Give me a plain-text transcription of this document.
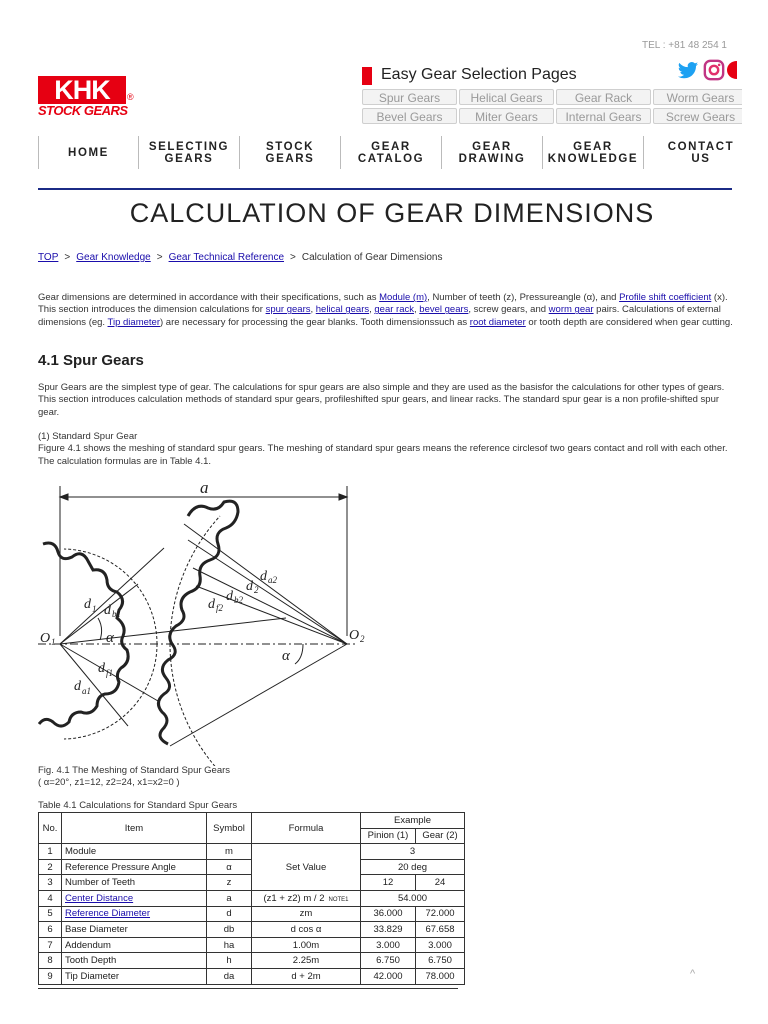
TEL : +81 48 254 1
KHK	®
STOCK GEARS
Easy Gear Selection Pages
Spur Gears	Helical Gears	Gear Rack	Worm Gears
Bevel Gears	Miter Gears	Internal Gears	Screw Gears
HOME	SELECTING
GEARS
STOCK GEARS
GEAR
CATALOG
GEAR
DRAWING
GEAR
KNOWLEDGE
CONTACT US
CALCULATION OF GEAR DIMENSIONS
TOP > Gear Knowledge > Gear Technical Reference > Calculation of Gear Dimensions
Gear dimensions are determined in accordance with their specifications, such as Module (m), Number of teeth (z), Pressureangle (α), and Profile shift coefficient (x). This section introduces the dimension calculations for spur gears, helical gears, gear rack, bevel gears, screw gears, and worm gear pairs. Calculations of external dimensions (eg. Tip diameter) are necessary for processing the gear blanks. Tooth dimensionssuch as root diameter or tooth depth are considered when gear cutting.
4.1 Spur Gears
Spur Gears are the simplest type of gear. The calculations for spur gears are also simple and they are used as the basisfor the calculations for other types of gears. This section introduces calculation methods of standard spur gears, profileshifted spur gears, and linear racks. The standard spur gear is a non profile-shifted spur gear.
(1) Standard Spur Gear
Figure 4.1 shows the meshing of standard spur gears. The meshing of standard spur gears means the reference circlesof two gears contact and roll with each other. The calculation formulas are in Table 4.1.
a
O 1	O 2
α
α
d 1 d b1
d f1
d a1
d a2
d 2
d b2
d f2
Fig. 4.1 The Meshing of Standard Spur Gears
( α=20°, z1=12, z2=24, x1=x2=0 )
Table 4.1 Calculations for Standard Spur Gears
No.	Item	Symbol	Formula	Example	
				Pinion (1)	Gear (2)
1	Module	m	Set Value	3	
2	Reference Pressure Angle	α		20 deg	
3	Number of Teeth	z		12	24
4	Center Distance	a	(z1 + z2) m / 2 NOTE1	54.000	
5	Reference Diameter	d	zm	36.000	72.000
6	Base Diameter	db	d cos α	33.829	67.658
7	Addendum	ha	1.00m	3.000	3.000
8	Tooth Depth	h	2.25m	6.750	6.750
9	Tip Diameter	da	d + 2m	42.000	78.000	^
